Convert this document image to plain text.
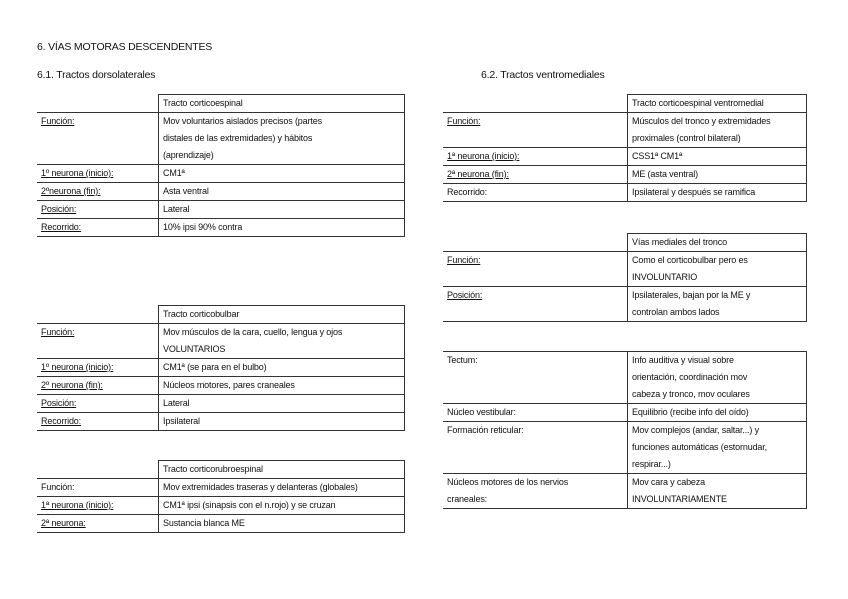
6. VÍAS MOTORAS DESCENDENTES
6.1. Tractos dorsolaterales	6.2. Tractos ventromediales
	Tracto corticoespinal
Función:	Mov voluntarios aislados precisos (partes
distales de las extremidades) y hábitos
(aprendizaje)

1º neurona (inicio):	CM1ª

2ºneurona (fin):	Asta ventral

Posición:	Lateral

Recorrido:	10% ipsi 90% contra
	Tracto corticobulbar
Función:	Mov músculos de la cara, cuello, lengua y ojos
VOLUNTARIOS

1º neurona (inicio):	CM1ª (se para en el bulbo)

2º neurona (fin):	Núcleos motores, pares craneales

Posición:	Lateral

Recorrido:	Ipsilateral
	Tracto corticorubroespinal
Función:	Mov extremidades traseras y delanteras (globales)

1ª neurona (inicio):	CM1ª ipsi (sinapsis con el n.rojo) y se cruzan

2ª neurona:	Sustancia blanca ME
	Tracto corticoespinal ventromedial
Función:	Músculos del tronco y extremidades
proximales (control bilateral)

1ª neurona (inicio):	CSS1ª CM1ª

2ª neurona (fin):	ME (asta ventral)

Recorrido:	Ipsilateral y después se ramifica
	Vías mediales del tronco
Función:	Como el corticobulbar pero es
INVOLUNTARIO

Posición:	Ipsilaterales, bajan por la ME y
controlan ambos lados
Tectum:	Info auditiva y visual sobre
orientación, coordinación mov
cabeza y tronco, mov oculares

Núcleo vestibular:	Equilibrio (recibe info del oído)

Formación reticular:	Mov complejos (andar, saltar...) y
funciones automáticas (estornudar,
respirar...)

Núcleos motores de los nervios craneales:	Mov cara y cabeza
INVOLUNTARIAMENTE
